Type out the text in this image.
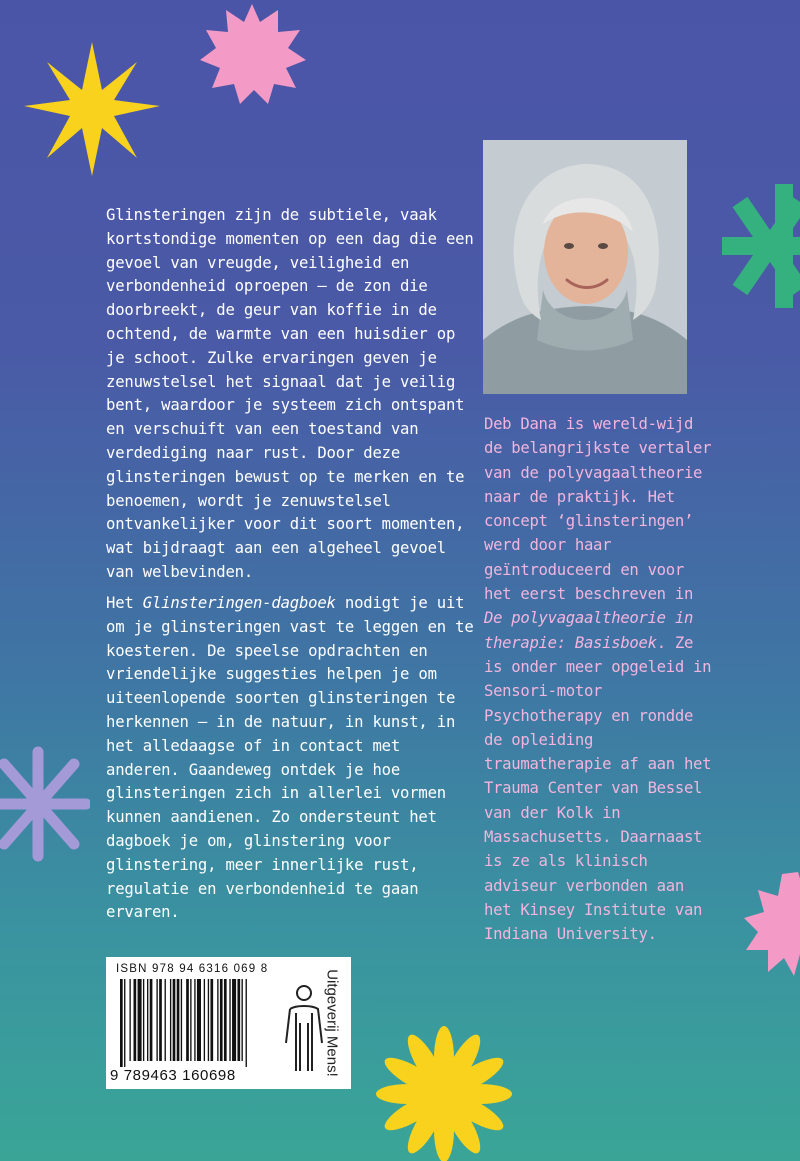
Glinsteringen zijn de subtiele, vaak kortstondige momenten op een dag die een gevoel van vreugde, veiligheid en verbondenheid oproepen — de zon die doorbreekt, de geur van koffie in de ochtend, de warmte van een huisdier op je schoot. Zulke ervaringen geven je zenuwstelsel het signaal dat je veilig bent, waardoor je systeem zich ontspant en verschuift van een toestand van verdediging naar rust. Door deze glinsteringen bewust op te merken en te benoemen, wordt je zenuwstelsel ontvankelijker voor dit soort momenten, wat bijdraagt aan een algeheel gevoel van welbevinden.

Het Glinsteringen-dagboek nodigt je uit om je glinsteringen vast te leggen en te koesteren. De speelse opdrachten en vriendelijke suggesties helpen je om uiteenlopende soorten glinsteringen te herkennen — in de natuur, in kunst, in het alledaagse of in contact met anderen. Gaandeweg ontdek je hoe glinsteringen zich in allerlei vormen kunnen aandienen. Zo ondersteunt het dagboek je om, glinstering voor glinstering, meer innerlijke rust, regulatie en verbondenheid te gaan ervaren.

Deb Dana is wereld-wijd de belangrijkste vertaler van de polyvagaaltheorie naar de praktijk. Het concept ‘glinsteringen’ werd door haar geïntroduceerd en voor het eerst beschreven in De polyvagaaltheorie in therapie: Basisboek. Ze is onder meer opgeleid in Sensori-motor Psychotherapy en rondde de opleiding traumatherapie af aan het Trauma Center van Bessel van der Kolk in Massachusetts. Daarnaast is ze als klinisch adviseur verbonden aan het Kinsey Institute van Indiana University.

ISBN 978 94 6316 069 8
9 789463 160698	Uitgeverij Mens!
